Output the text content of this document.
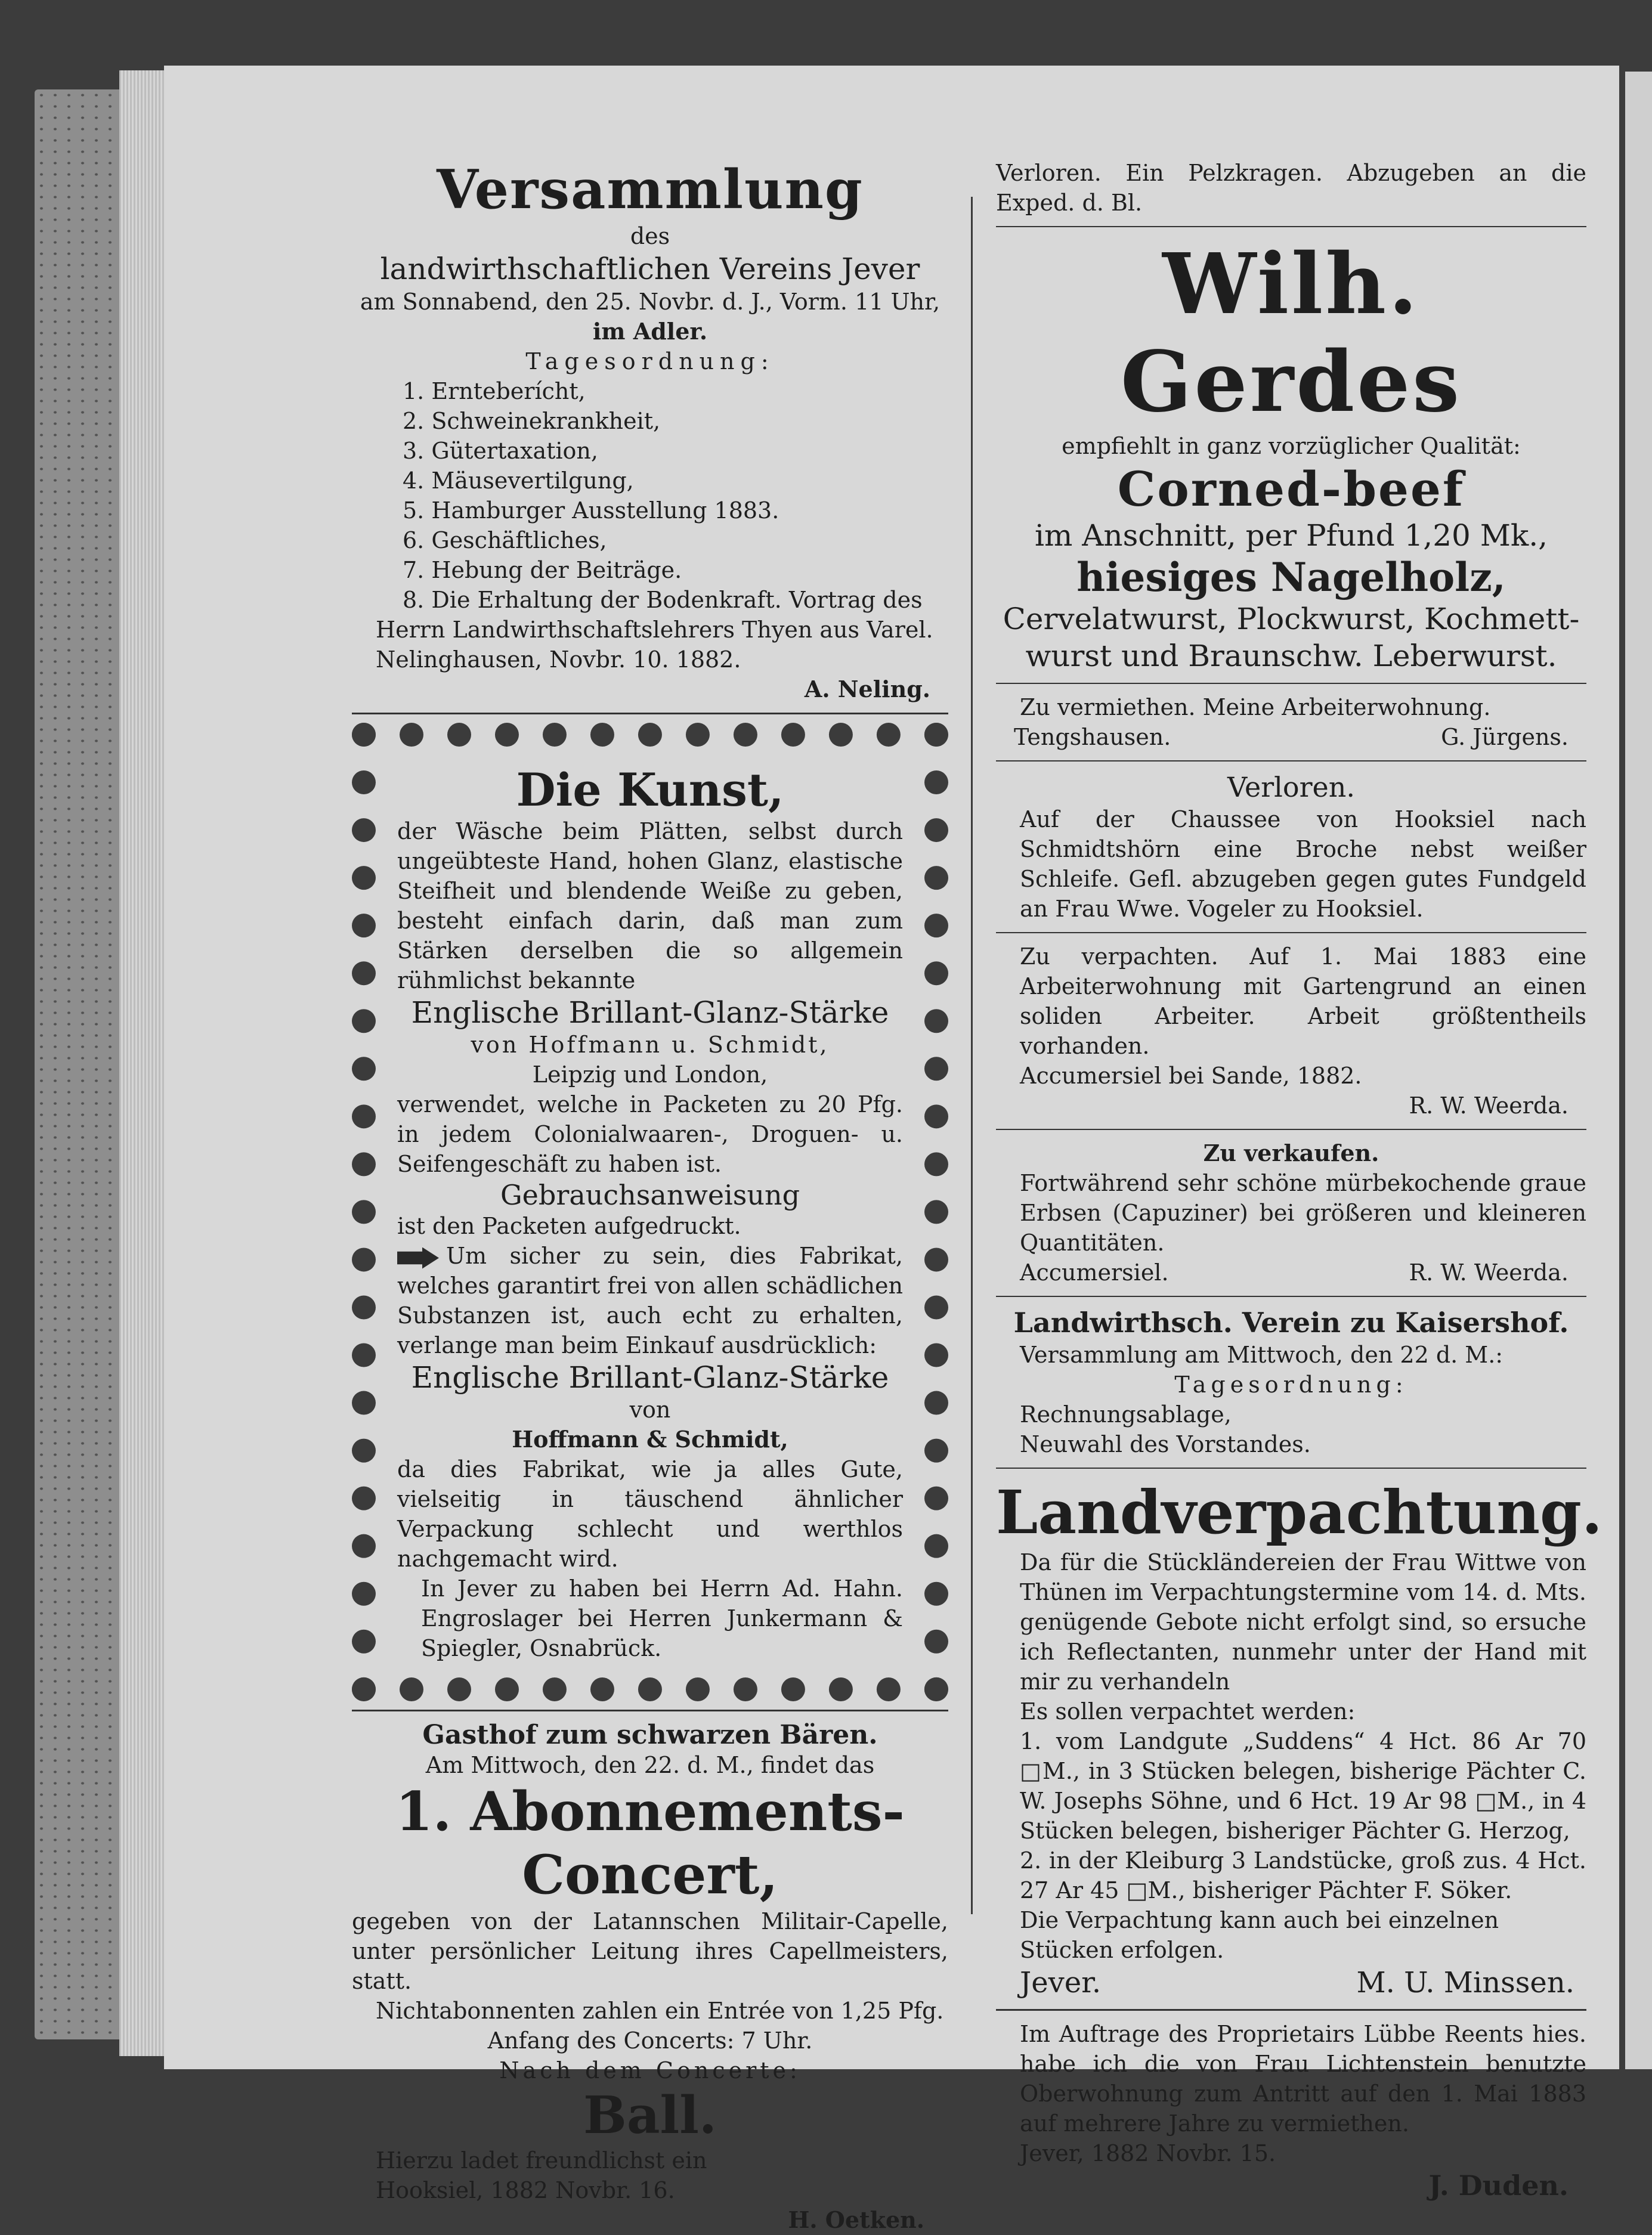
Versammlung
des
landwirthschaftlichen Vereins Jever
am Sonnabend, den 25. Novbr. d. J., Vorm. 11 Uhr,
im Adler.
Tagesordnung:
1. Ernteberícht,
2. Schweinekrankheit,
3. Gütertaxation,
4. Mäusevertilgung,
5. Hamburger Ausstellung 1883.
6. Geschäftliches,
7. Hebung der Beiträge.
8. Die Erhaltung der Bodenkraft. Vortrag des
Herrn Landwirthschaftslehrers Thyen aus Varel.
Nelinghausen, Novbr. 10. 1882.
A. Neling.
Die Kunst,
der Wäsche beim Plätten, selbst durch ungeübteste Hand, hohen Glanz, elastische Steifheit und blendende Weiße zu geben, besteht einfach darin, daß man zum Stärken derselben die so allgemein rühmlichst bekannte
Englische Brillant-Glanz-Stärke
von Hoffmann u. Schmidt,
Leipzig und London,
verwendet, welche in Packeten zu 20 Pfg. in jedem Colonialwaaren-, Droguen- u. Seifengeschäft zu haben ist.
Gebrauchsanweisung
ist den Packeten aufgedruckt.
Um sicher zu sein, dies Fabrikat, welches garantirt frei von allen schädlichen Substanzen ist, auch echt zu erhalten, verlange man beim Einkauf ausdrücklich:
Englische Brillant-Glanz-Stärke
von
Hoffmann & Schmidt,
da dies Fabrikat, wie ja alles Gute, vielseitig in täuschend ähnlicher Verpackung schlecht und werthlos nachgemacht wird.
In Jever zu haben bei Herrn Ad. Hahn. Engroslager bei Herren Junkermann & Spiegler, Osnabrück.
Gasthof zum schwarzen Bären.
Am Mittwoch, den 22. d. M., findet das
1. Abonnements-Concert,
gegeben von der Latannschen Militair-Capelle, unter persönlicher Leitung ihres Capellmeisters, statt.
Nichtabonnenten zahlen ein Entrée von 1,25 Pfg.
Anfang des Concerts: 7 Uhr.
Nach dem Concerte:
Ball.
Hierzu ladet freundlichst ein
Hooksiel, 1882 Novbr. 16.
H. Oetken.
Verloren. Ein Pelzkragen. Abzugeben an die Exped. d. Bl.
Wilh. Gerdes
empfiehlt in ganz vorzüglicher Qualität:
Corned-beef
im Anschnitt, per Pfund 1,20 Mk.,
hiesiges Nagelholz,
Cervelatwurst, Plockwurst, Kochmett-
wurst und Braunschw. Leberwurst.
Zu vermiethen. Meine Arbeiterwohnung.
Tengshausen.	G. Jürgens.
Verloren.
Auf der Chaussee von Hooksiel nach Schmidtshörn eine Broche nebst weißer Schleife. Gefl. abzugeben gegen gutes Fundgeld an Frau Wwe. Vogeler zu Hooksiel.
Zu verpachten. Auf 1. Mai 1883 eine Arbeiterwohnung mit Gartengrund an einen soliden Arbeiter. Arbeit größtentheils vorhanden.
Accumersiel bei Sande, 1882.
R. W. Weerda.
Zu verkaufen.
Fortwährend sehr schöne mürbekochende graue Erbsen (Capuziner) bei größeren und kleineren Quantitäten.
Accumersiel.	R. W. Weerda.
Landwirthsch. Verein zu Kaisershof.
Versammlung am Mittwoch, den 22 d. M.:
Tagesordnung:
Rechnungsablage,
Neuwahl des Vorstandes.
Landverpachtung.
Da für die Stückländereien der Frau Wittwe von Thünen im Verpachtungstermine vom 14. d. Mts. genügende Gebote nicht erfolgt sind, so ersuche ich Reflectanten, nunmehr unter der Hand mit mir zu verhandeln
Es sollen verpachtet werden:
1. vom Landgute „Suddens“ 4 Hct. 86 Ar 70 □M., in 3 Stücken belegen, bisherige Pächter C. W. Josephs Söhne, und 6 Hct. 19 Ar 98 □M., in 4 Stücken belegen, bisheriger Pächter G. Herzog,
2. in der Kleiburg 3 Landstücke, groß zus. 4 Hct. 27 Ar 45 □M., bisheriger Pächter F. Söker.
Die Verpachtung kann auch bei einzelnen Stücken erfolgen.
Jever.	M. U. Minssen.
Im Auftrage des Proprietairs Lübbe Reents hies. habe ich die von Frau Lichtenstein benutzte Oberwohnung zum Antritt auf den 1. Mai 1883 auf mehrere Jahre zu vermiethen.
Jever, 1882 Novbr. 15.
J. Duden.
